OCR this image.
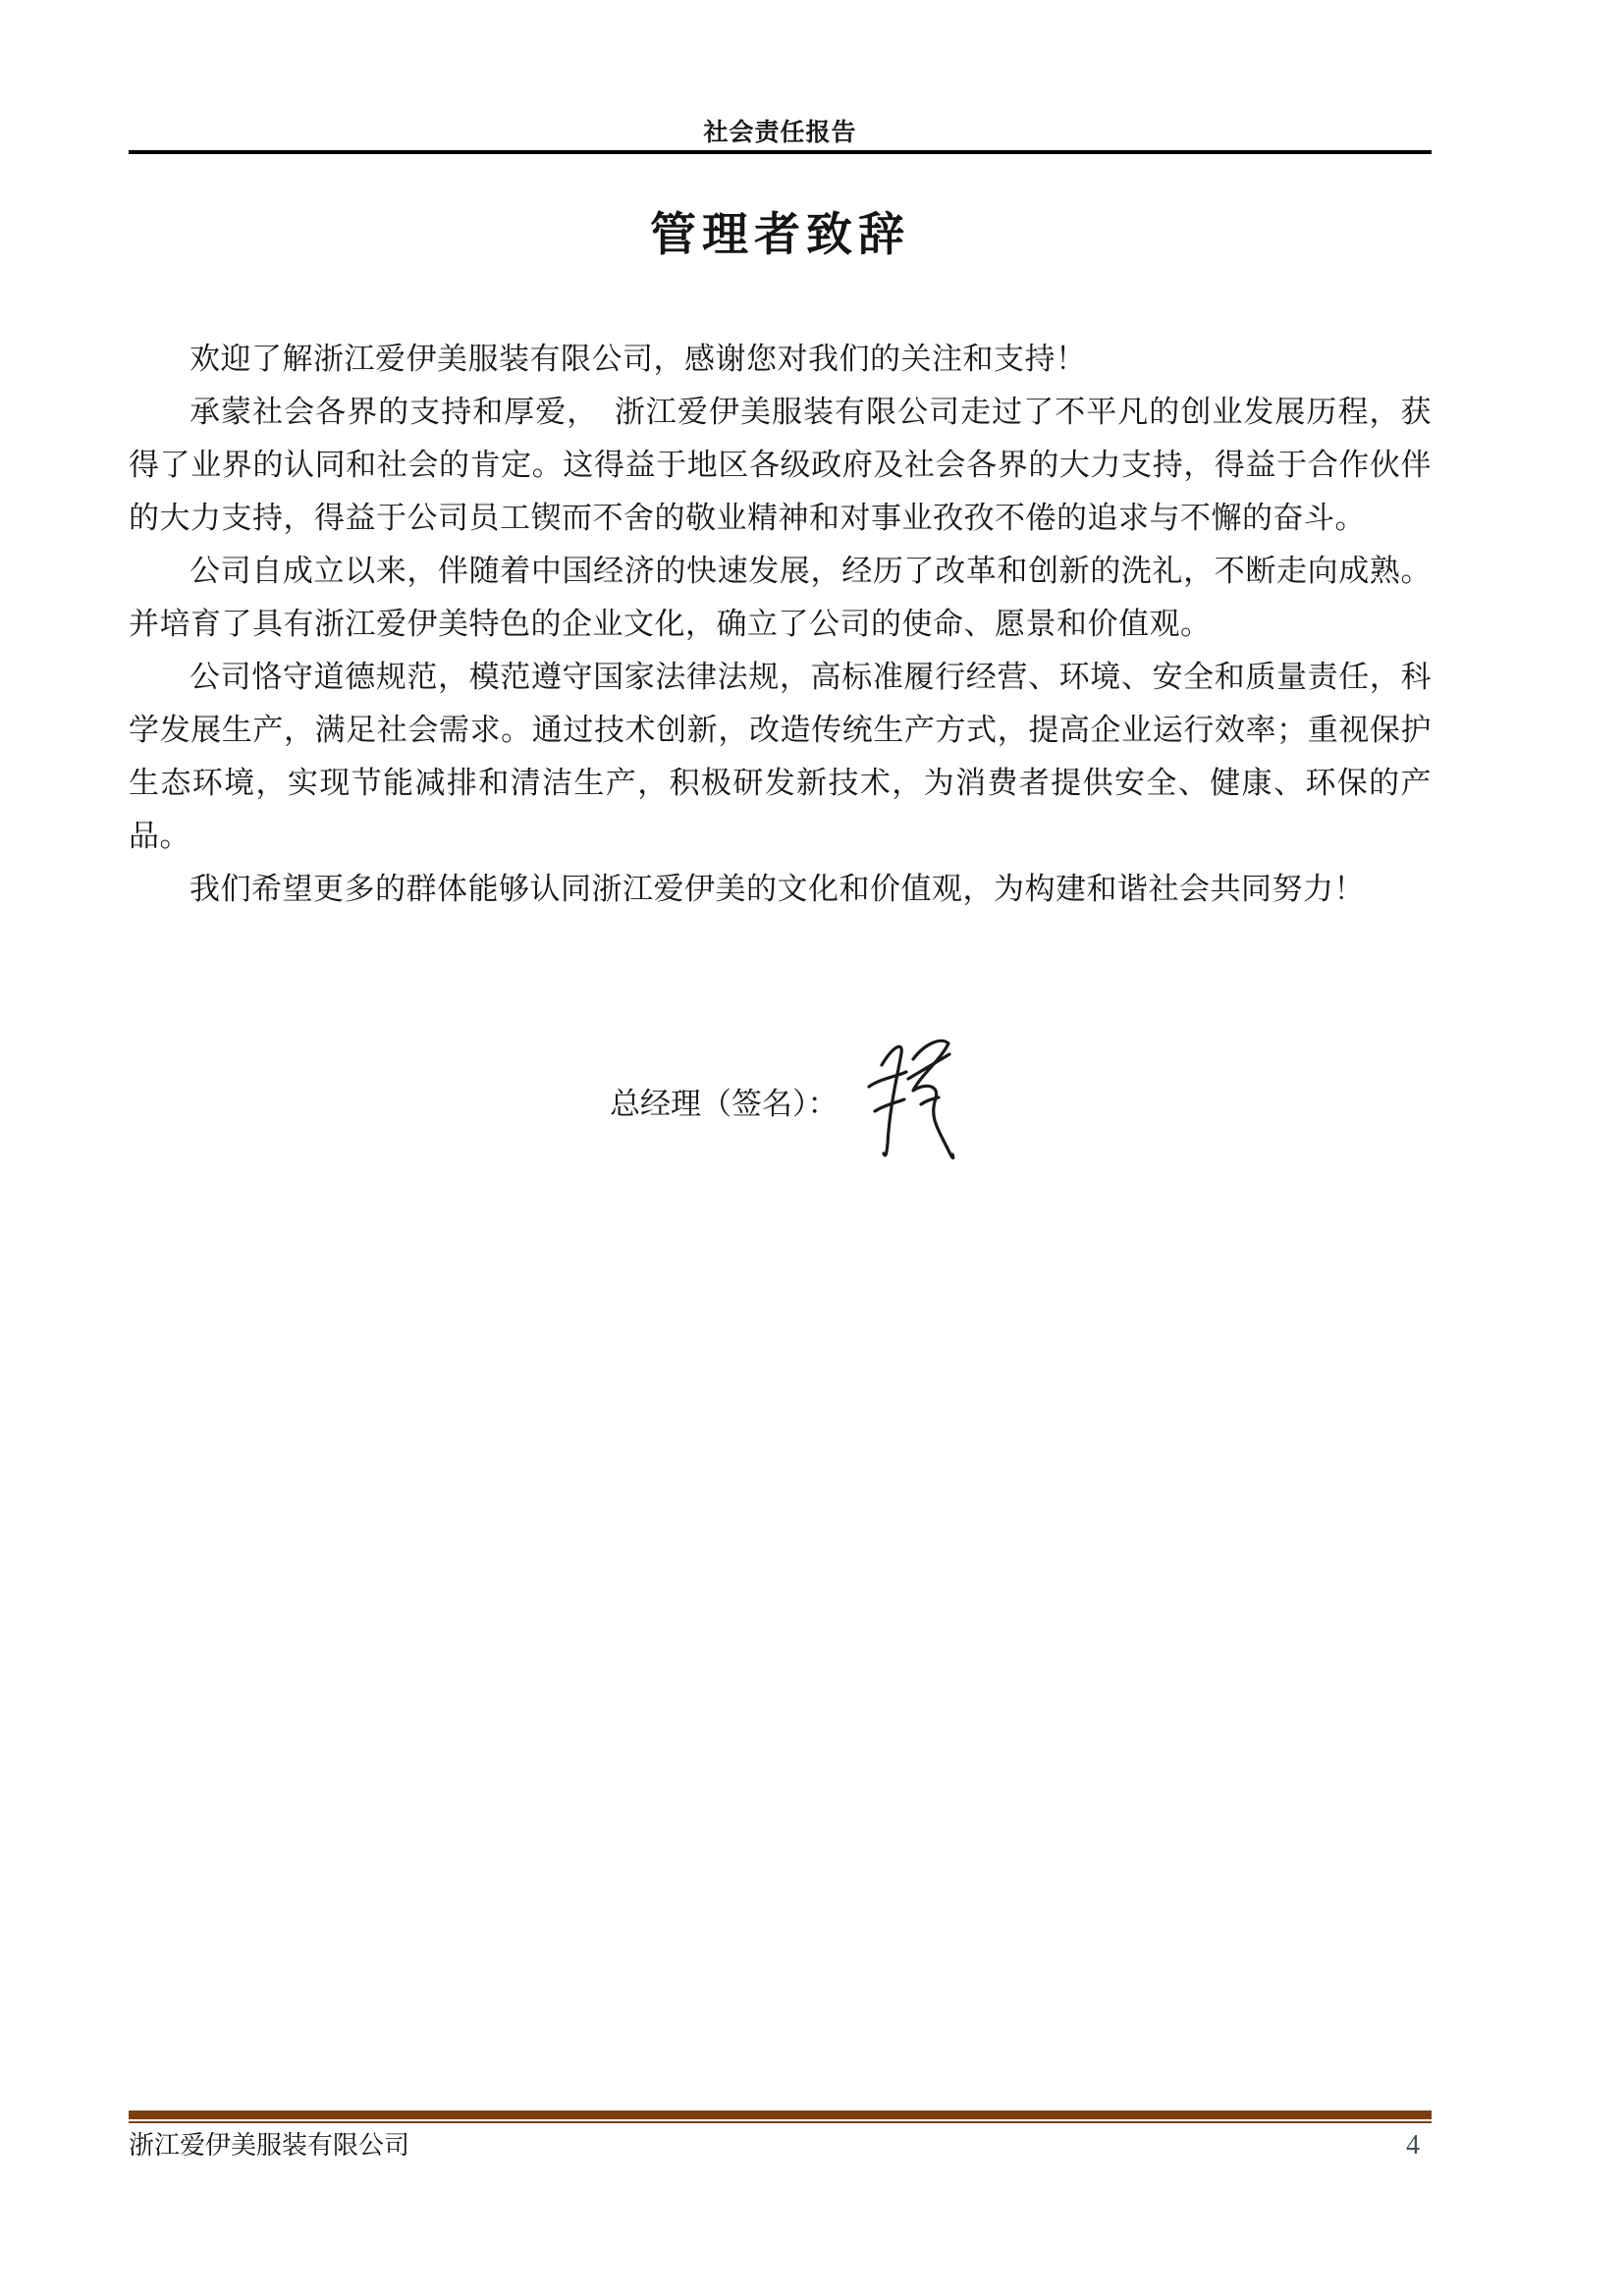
社会责任报告
管理者致辞

欢迎了解浙江爱伊美服装有限公司，感谢您对我们的关注和支持！

承蒙社会各界的支持和厚爱，　浙江爱伊美服装有限公司走过了不平凡的创业发展历程，获得了业界的认同和社会的肯定。这得益于地区各级政府及社会各界的大力支持，得益于合作伙伴的大力支持，得益于公司员工锲而不舍的敬业精神和对事业孜孜不倦的追求与不懈的奋斗。

公司自成立以来，伴随着中国经济的快速发展，经历了改革和创新的洗礼，不断走向成熟。并培育了具有浙江爱伊美特色的企业文化，确立了公司的使命、愿景和价值观。

公司恪守道德规范，模范遵守国家法律法规，高标准履行经营、环境、安全和质量责任，科学发展生产，满足社会需求。通过技术创新，改造传统生产方式，提高企业运行效率；重视保护生态环境，实现节能减排和清洁生产，积极研发新技术，为消费者提供安全、健康、环保的产品。

我们希望更多的群体能够认同浙江爱伊美的文化和价值观，为构建和谐社会共同努力！

总经理（签名）：
浙江爱伊美服装有限公司	4
